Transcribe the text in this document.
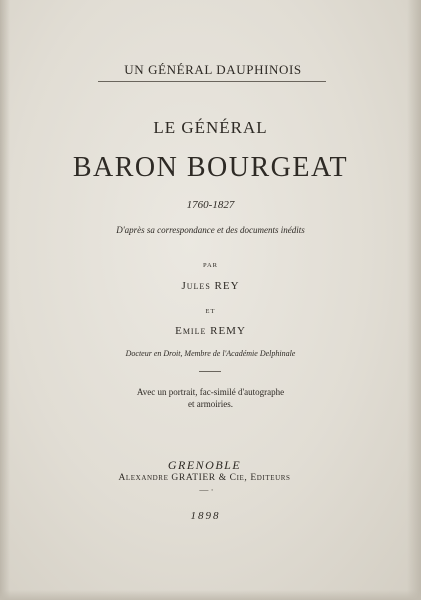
UN GÉNÉRAL DAUPHINOIS
LE GÉNÉRAL
BARON BOURGEAT
1760-1827
D'après sa correspondance et des documents inédits
PAR
Jules REY
ET
Emile REMY
Docteur en Droit, Membre de l'Académie Delphinale
Avec un portrait, fac-similé d'autographe
et armoiries.
GRENOBLE
Alexandre GRATIER & Cie, Editeurs
— ·
1898
